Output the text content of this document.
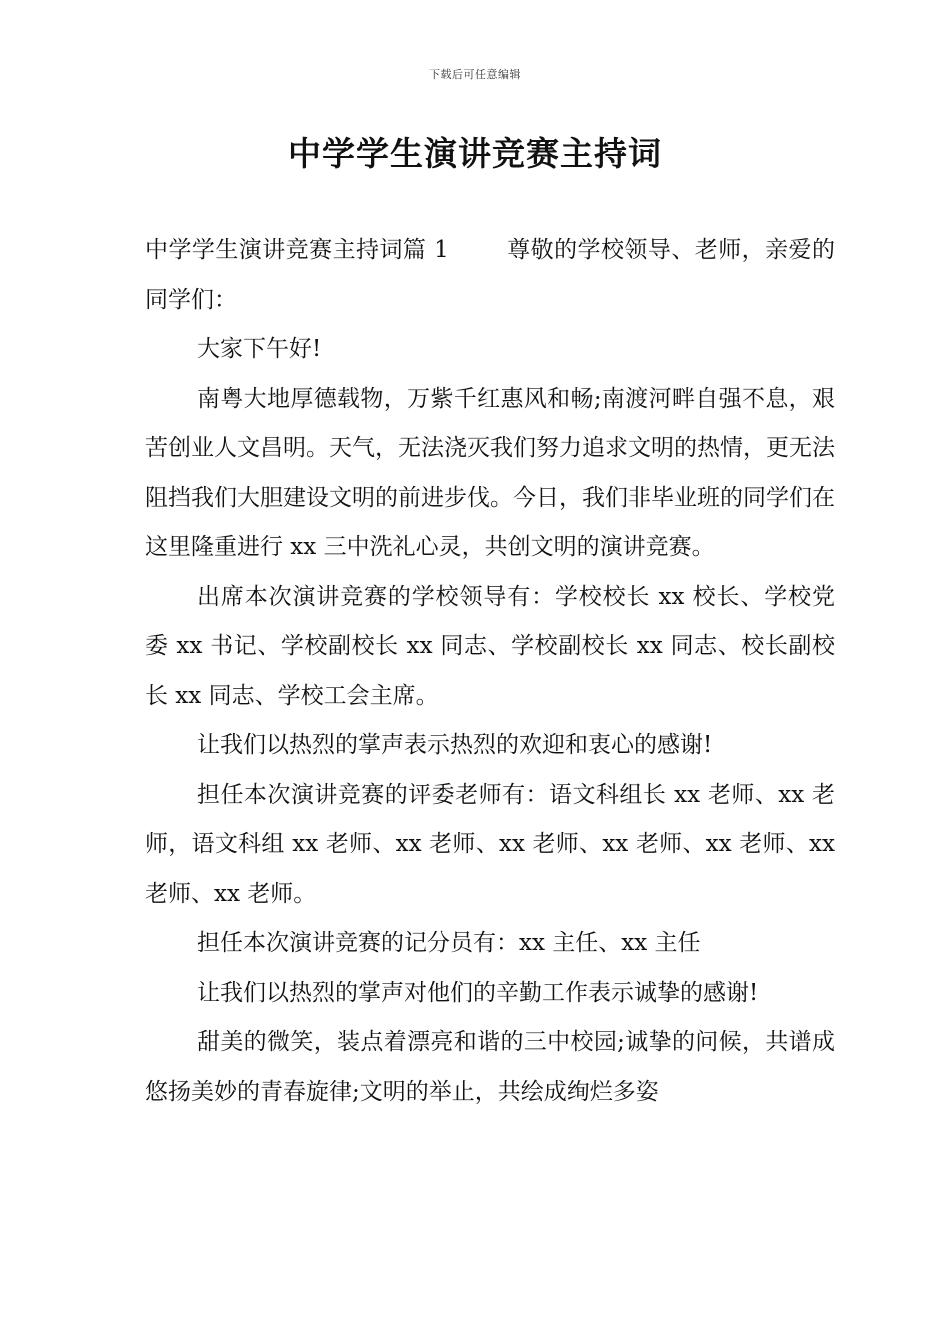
下载后可任意编辑
中学学生演讲竞赛主持词

中学学生演讲竞赛主持词篇 1	尊敬的学校领导、老师，亲爱的同学们：

大家下午好!

南粤大地厚德载物，万紫千红惠风和畅;南渡河畔自强不息，艰苦创业人文昌明。天气，无法浇灭我们努力追求文明的热情，更无法阻挡我们大胆建设文明的前进步伐。今日，我们非毕业班的同学们在这里隆重进行 xx 三中洗礼心灵，共创文明的演讲竞赛。

出席本次演讲竞赛的学校领导有：学校校长 xx 校长、学校党委 xx 书记、学校副校长 xx 同志、学校副校长 xx 同志、校长副校长 xx 同志、学校工会主席。

让我们以热烈的掌声表示热烈的欢迎和衷心的感谢!

担任本次演讲竞赛的评委老师有：语文科组长 xx 老师、xx 老师，语文科组 xx 老师、xx 老师、xx 老师、xx 老师、xx 老师、xx 老师、xx 老师。

担任本次演讲竞赛的记分员有：xx 主任、xx 主任

让我们以热烈的掌声对他们的辛勤工作表示诚挚的感谢!

甜美的微笑，装点着漂亮和谐的三中校园;诚挚的问候，共谱成悠扬美妙的青春旋律;文明的举止，共绘成绚烂多姿
